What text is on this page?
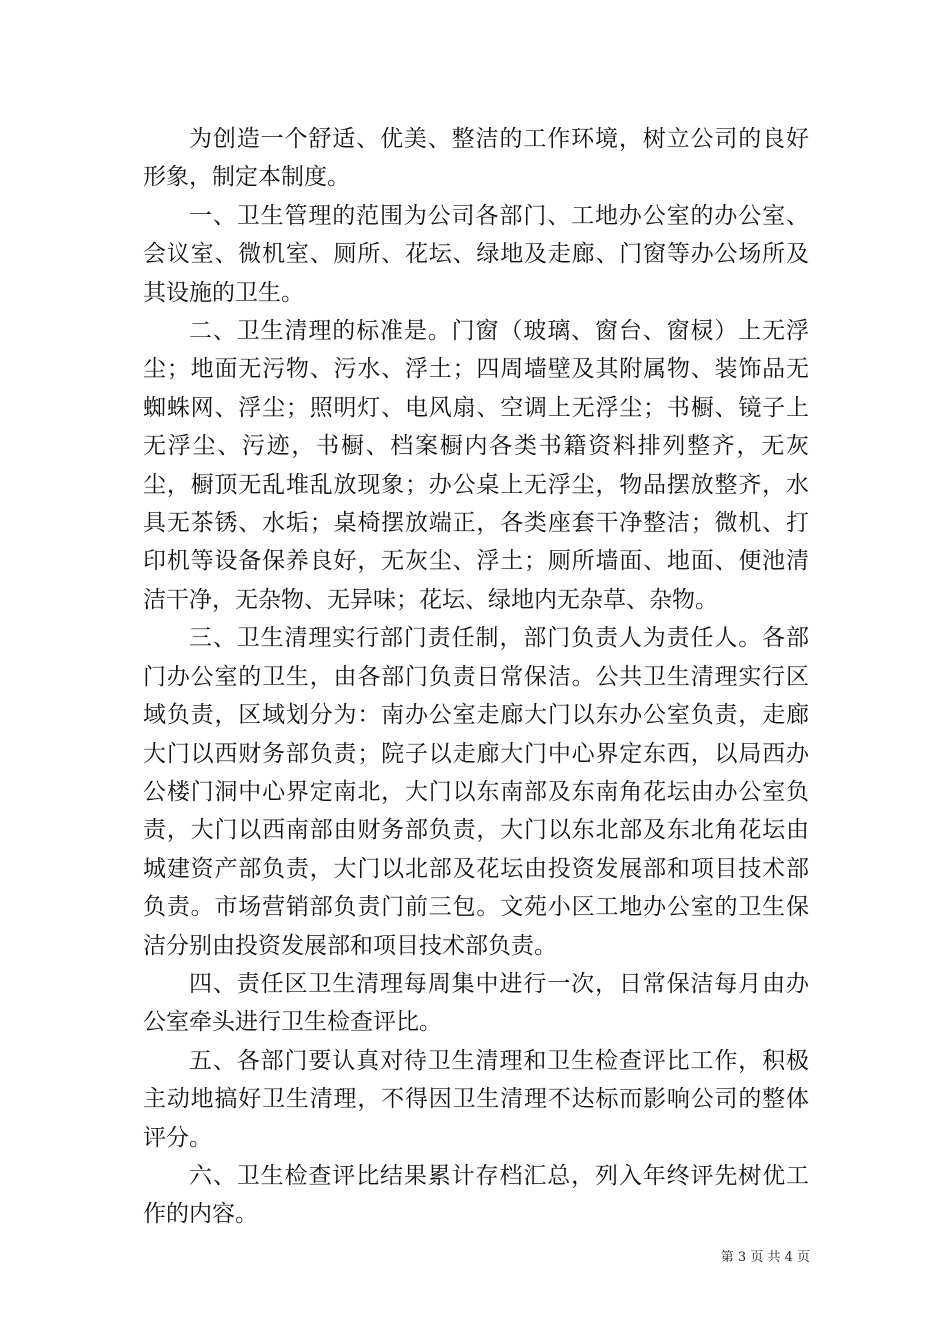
为创造一个舒适、优美、整洁的工作环境，树立公司的良好形象，制定本制度。

一、卫生管理的范围为公司各部门、工地办公室的办公室、会议室、微机室、厕所、花坛、绿地及走廊、门窗等办公场所及其设施的卫生。

二、卫生清理的标准是。门窗（玻璃、窗台、窗棂）上无浮尘；地面无污物、污水、浮土；四周墙壁及其附属物、装饰品无蜘蛛网、浮尘；照明灯、电风扇、空调上无浮尘；书橱、镜子上无浮尘、污迹，书橱、档案橱内各类书籍资料排列整齐，无灰尘，橱顶无乱堆乱放现象；办公桌上无浮尘，物品摆放整齐，水具无茶锈、水垢；桌椅摆放端正，各类座套干净整洁；微机、打印机等设备保养良好，无灰尘、浮土；厕所墙面、地面、便池清洁干净，无杂物、无异味；花坛、绿地内无杂草、杂物。

三、卫生清理实行部门责任制，部门负责人为责任人。各部门办公室的卫生，由各部门负责日常保洁。公共卫生清理实行区域负责，区域划分为：南办公室走廊大门以东办公室负责，走廊大门以西财务部负责；院子以走廊大门中心界定东西，以局西办公楼门洞中心界定南北，大门以东南部及东南角花坛由办公室负责，大门以西南部由财务部负责，大门以东北部及东北角花坛由城建资产部负责，大门以北部及花坛由投资发展部和项目技术部负责。市场营销部负责门前三包。文苑小区工地办公室的卫生保洁分别由投资发展部和项目技术部负责。

四、责任区卫生清理每周集中进行一次，日常保洁每月由办公室牵头进行卫生检查评比。

五、各部门要认真对待卫生清理和卫生检查评比工作，积极主动地搞好卫生清理，不得因卫生清理不达标而影响公司的整体评分。

六、卫生检查评比结果累计存档汇总，列入年终评先树优工作的内容。

第 3 页 共 4 页
